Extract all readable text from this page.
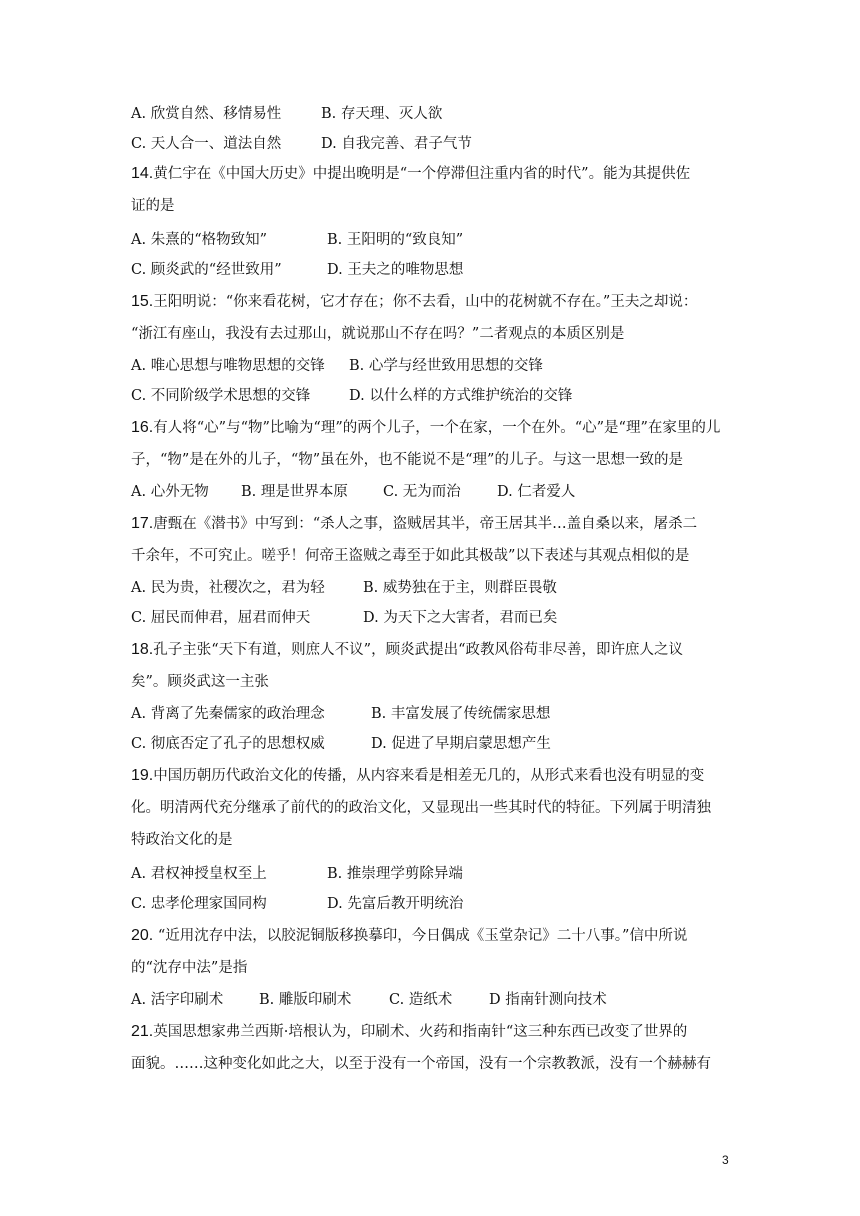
A. 欣赏自然、移情易性	B. 存天理、灭人欲
C. 天人合一、道法自然	D. 自我完善、君子气节
14.黄仁宇在《中国大历史》中提出晚明是“一个停滞但注重内省的时代”。能为其提供佐
证的是
A. 朱熹的“格物致知”	B. 王阳明的“致良知”
C. 顾炎武的“经世致用”	D. 王夫之的唯物思想
15.王阳明说：“你来看花树，它才存在；你不去看，山中的花树就不存在。”王夫之却说：
“浙江有座山，我没有去过那山，就说那山不存在吗？”二者观点的本质区别是
A. 唯心思想与唯物思想的交锋 B. 心学与经世致用思想的交锋
C. 不同阶级学术思想的交锋	D. 以什么样的方式维护统治的交锋
16.有人将“心”与“物”比喻为“理”的两个儿子，一个在家，一个在外。“心”是“理”在家里的儿
子，“物”是在外的儿子，“物”虽在外，也不能说不是“理”的儿子。与这一思想一致的是
A. 心外无物 B. 理是世界本原 C. 无为而治 D. 仁者爱人
17.唐甄在《潜书》中写到：“杀人之事，盗贼居其半，帝王居其半…盖自桑以来，屠杀二
千余年，不可究止。嗟乎！何帝王盗贼之毒至于如此其极哉”以下表述与其观点相似的是
A. 民为贵，社稷次之，君为轻	B. 威势独在于主，则群臣畏敬
C. 屈民而伸君，屈君而伸天	D. 为天下之大害者，君而已矣
18.孔子主张“天下有道，则庶人不议”，顾炎武提出“政教风俗苟非尽善，即许庶人之议
矣”。顾炎武这一主张
A. 背离了先秦儒家的政治理念	B. 丰富发展了传统儒家思想
C. 彻底否定了孔子的思想权威	D. 促进了早期启蒙思想产生
19.中国历朝历代政治文化的传播，从内容来看是相差无几的，从形式来看也没有明显的变
化。明清两代充分继承了前代的的政治文化，又显现出一些其时代的特征。下列属于明清独
特政治文化的是
A. 君权神授皇权至上	B. 推崇理学剪除异端
C. 忠孝伦理家国同构	D. 先富后教开明统治
20. “近用沈存中法，以胶泥铜版移换摹印，今日偶成《玉堂杂记》二十八事。”信中所说
的“沈存中法”是指
A. 活字印刷术 B. 雕版印刷术	C. 造纸术	D 指南针测向技术
21.英国思想家弗兰西斯·培根认为，印刷术、火药和指南针“这三种东西已改变了世界的
面貌。……这种变化如此之大，以至于没有一个帝国，没有一个宗教教派，没有一个赫赫有
3
